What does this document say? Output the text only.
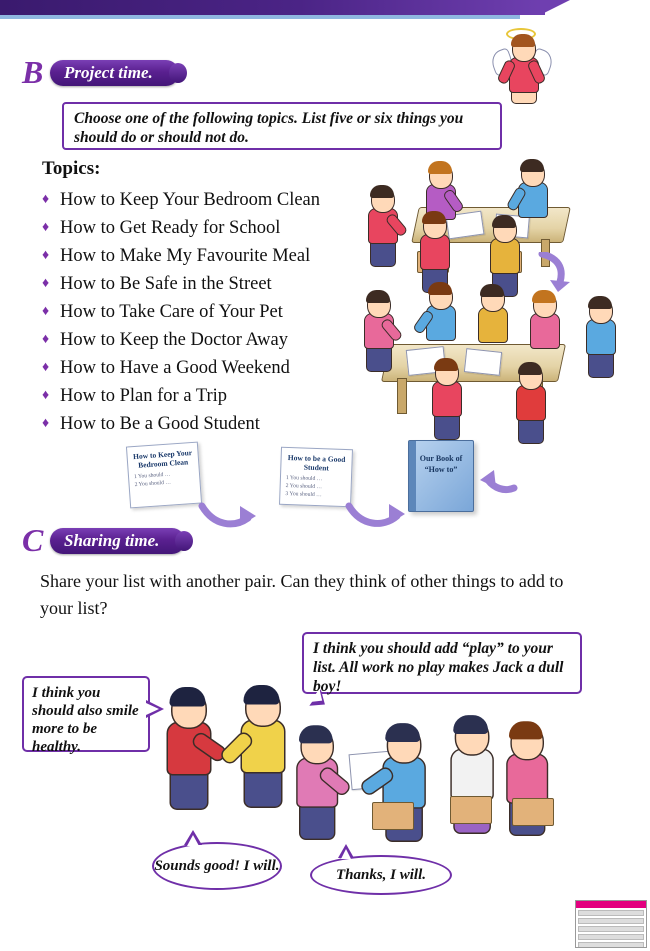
B	Project time.
Choose one of the following topics. List five or six things you should do or should not do.
Topics:
♦ How to Keep Your Bedroom Clean
♦ How to Get Ready for School
♦ How to Make My Favourite Meal
♦ How to Be Safe in the Street
♦ How to Take Care of Your Pet
♦ How to Keep the Doctor Away
♦ How to Have a Good Weekend
♦ How to Plan for a Trip
♦ How to Be a Good Student
How to Keep Your Bedroom Clean
1 You should …
2 You should …
How to be a Good Student
1 You should …
2 You should …
3 You should …
Our Book of
“How to”
C	Sharing time.
Share your list with another pair. Can they think of other things to add to your list?
I think you should add “play” to your list. All work no play makes Jack a dull boy!
I think you should also smile more to be healthy.
Sounds good! I will.
Thanks, I will.
